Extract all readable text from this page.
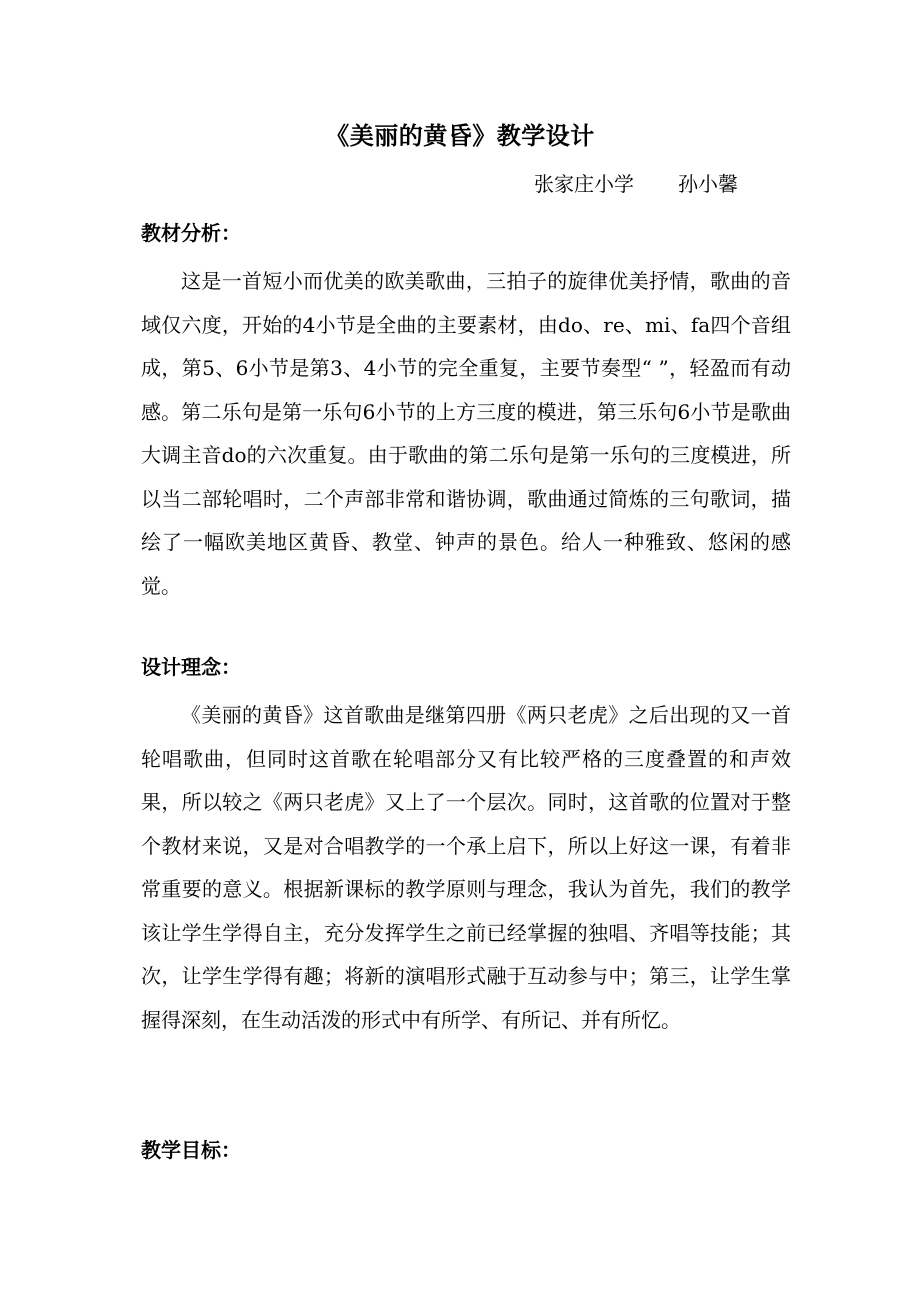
《美丽的黄昏》教学设计
张家庄小学 孙小馨
教材分析：

这是一首短小而优美的欧美歌曲，三拍子的旋律优美抒情，歌曲的音域仅六度，开始的4小节是全曲的主要素材，由do、re、mi、fa四个音组成，第5、6小节是第3、4小节的完全重复，主要节奏型“ ”，轻盈而有动感。第二乐句是第一乐句6小节的上方三度的模进，第三乐句6小节是歌曲大调主音do的六次重复。由于歌曲的第二乐句是第一乐句的三度模进，所以当二部轮唱时，二个声部非常和谐协调，歌曲通过简炼的三句歌词，描绘了一幅欧美地区黄昏、教堂、钟声的景色。给人一种雅致、悠闲的感觉。

设计理念：

《美丽的黄昏》这首歌曲是继第四册《两只老虎》之后出现的又一首轮唱歌曲，但同时这首歌在轮唱部分又有比较严格的三度叠置的和声效果，所以较之《两只老虎》又上了一个层次。同时，这首歌的位置对于整个教材来说，又是对合唱教学的一个承上启下，所以上好这一课，有着非常重要的意义。根据新课标的教学原则与理念，我认为首先，我们的教学该让学生学得自主，充分发挥学生之前已经掌握的独唱、齐唱等技能；其次，让学生学得有趣；将新的演唱形式融于互动参与中；第三，让学生掌握得深刻，在生动活泼的形式中有所学、有所记、并有所忆。

教学目标：
